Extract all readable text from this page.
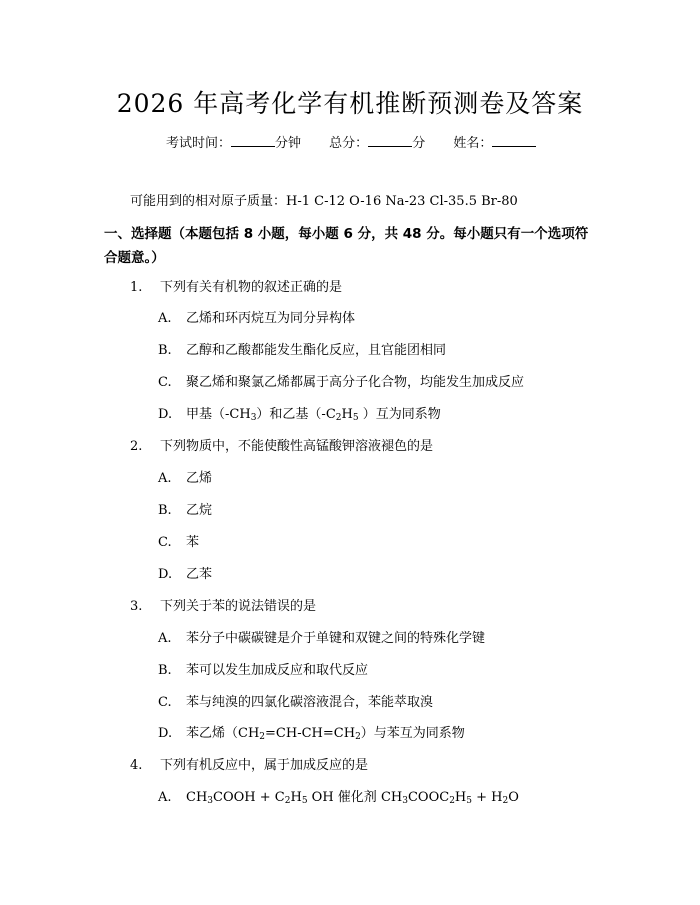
2026 年高考化学有机推断预测卷及答案
考试时间：	分钟 总分：	分 姓名：
可能用到的相对原子质量：H-1 C-12 O-16 Na-23 Cl-35.5 Br-80
一、选择题（本题包括 8 小题，每小题 6 分，共 48 分。每小题只有一个选项符合题意。）
1. 下列有关有机物的叙述正确的是
A. 乙烯和环丙烷互为同分异构体
B. 乙醇和乙酸都能发生酯化反应，且官能团相同
C. 聚乙烯和聚氯乙烯都属于高分子化合物，均能发生加成反应
D. 甲基$(-CH_3)$和乙基（$-C_2H_5$ ）互为同系物
2. 下列物质中，不能使酸性高锰酸钾溶液褪色的是
A. 乙烯
B. 乙烷
C. 苯
D. 乙苯
3. 下列关于苯的说法错误的是
A. 苯分子中碳碳键是介于单键和双键之间的特殊化学键
B. 苯可以发生加成反应和取代反应
C. 苯与纯溴的四氯化碳溶液混合，苯能萃取溴
D. 苯乙烯$(CH_2=CH-CH=CH_2)$与苯互为同系物
4. 下列有机反应中，属于加成反应的是
A. $CH_3COOH + C_2H_5$ OH 催化剂 $CH_3COOC_2H_5 + H_2O$
